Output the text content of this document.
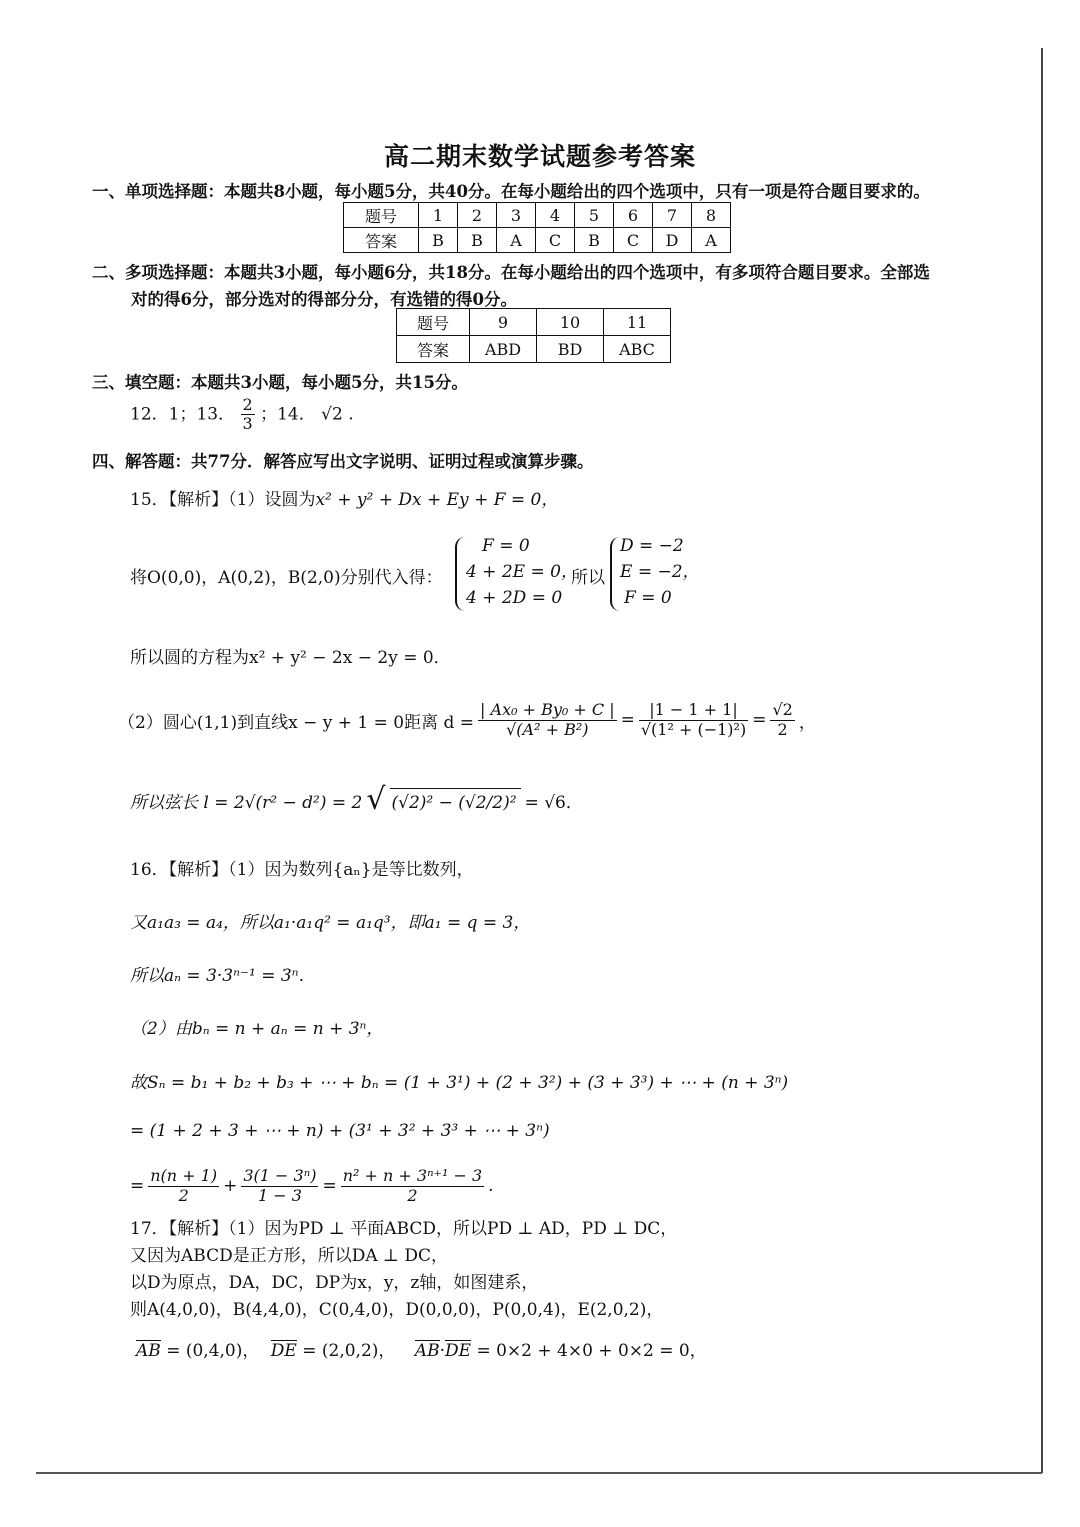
高二期末数学试题参考答案
一、单项选择题：本题共8小题，每小题5分，共40分。在每小题给出的四个选项中，只有一项是符合题目要求的。
题号	1	2	3	4	5	6	7	8
答案	B	B	A	C	B	C	D	A
二、多项选择题：本题共3小题，每小题6分，共18分。在每小题给出的四个选项中，有多项符合题目要求。全部选
对的得6分，部分选对的得部分分，有选错的得0分。
题号	9	10	11
答案	ABD	BD	ABC
三、填空题：本题共3小题，每小题5分，共15分。
12．1；13． $\frac{2}{3}$ ；14． √2 .
四、解答题：共77分．解答应写出文字说明、证明过程或演算步骤。
15．【解析】（1）设圆为x² + y² + Dx + Ey + F = 0，
将O(0,0)，A(0,2)，B(2,0)分别代入得：
F = 0
4 + 2E = 0，
4 + 2D = 0
所以
D = −2
E = −2，
F = 0
所以圆的方程为x² + y² − 2x − 2y = 0．
（2）圆心(1,1)到直线x − y + 1 = 0距离 $d = \frac{\text{| Ax₀ + By₀ + C |}}{\text{√(A² + B²)}} = \frac{|1 - 1 + 1|}{\text{√(1² + (−1)²)}} = \frac{√2}{2}$ ，
所以弦长 l = 2√(r² − d²) = 2 √ (√2)² − (√2/2)² = √6．
16．【解析】（1）因为数列{aₙ}是等比数列，
又a₁a₃ = a₄，所以a₁·a₁q² = a₁q³，即a₁ = q = 3，
所以aₙ = 3·3ⁿ⁻¹ = 3ⁿ．
（2）由bₙ = n + aₙ = n + 3ⁿ，
故Sₙ = b₁ + b₂ + b₃ + ⋯ + bₙ = (1 + 3¹) + (2 + 3²) + (3 + 3³) + ⋯ + (n + 3ⁿ)
= (1 + 2 + 3 + ⋯ + n) + (3¹ + 3² + 3³ + ⋯ + 3ⁿ)
= $\frac{n(n + 1)}{2} + \frac{\text{3(1 − 3ⁿ)}}{1 - 3} = \frac{\text{n² + n + 3ⁿ⁺¹ − 3}}{2}$ .
17．【解析】（1）因为PD ⊥ 平面ABCD，所以PD ⊥ AD，PD ⊥ DC，
又因为ABCD是正方形，所以DA ⊥ DC，
以D为原点，DA，DC，DP为x，y，z轴，如图建系，
则A(4,0,0)，B(4,4,0)，C(0,4,0)，D(0,0,0)，P(0,0,4)，E(2,0,2)，
AB = (0,4,0)， DE = (2,0,2)， AB·DE = 0×2 + 4×0 + 0×2 = 0，
